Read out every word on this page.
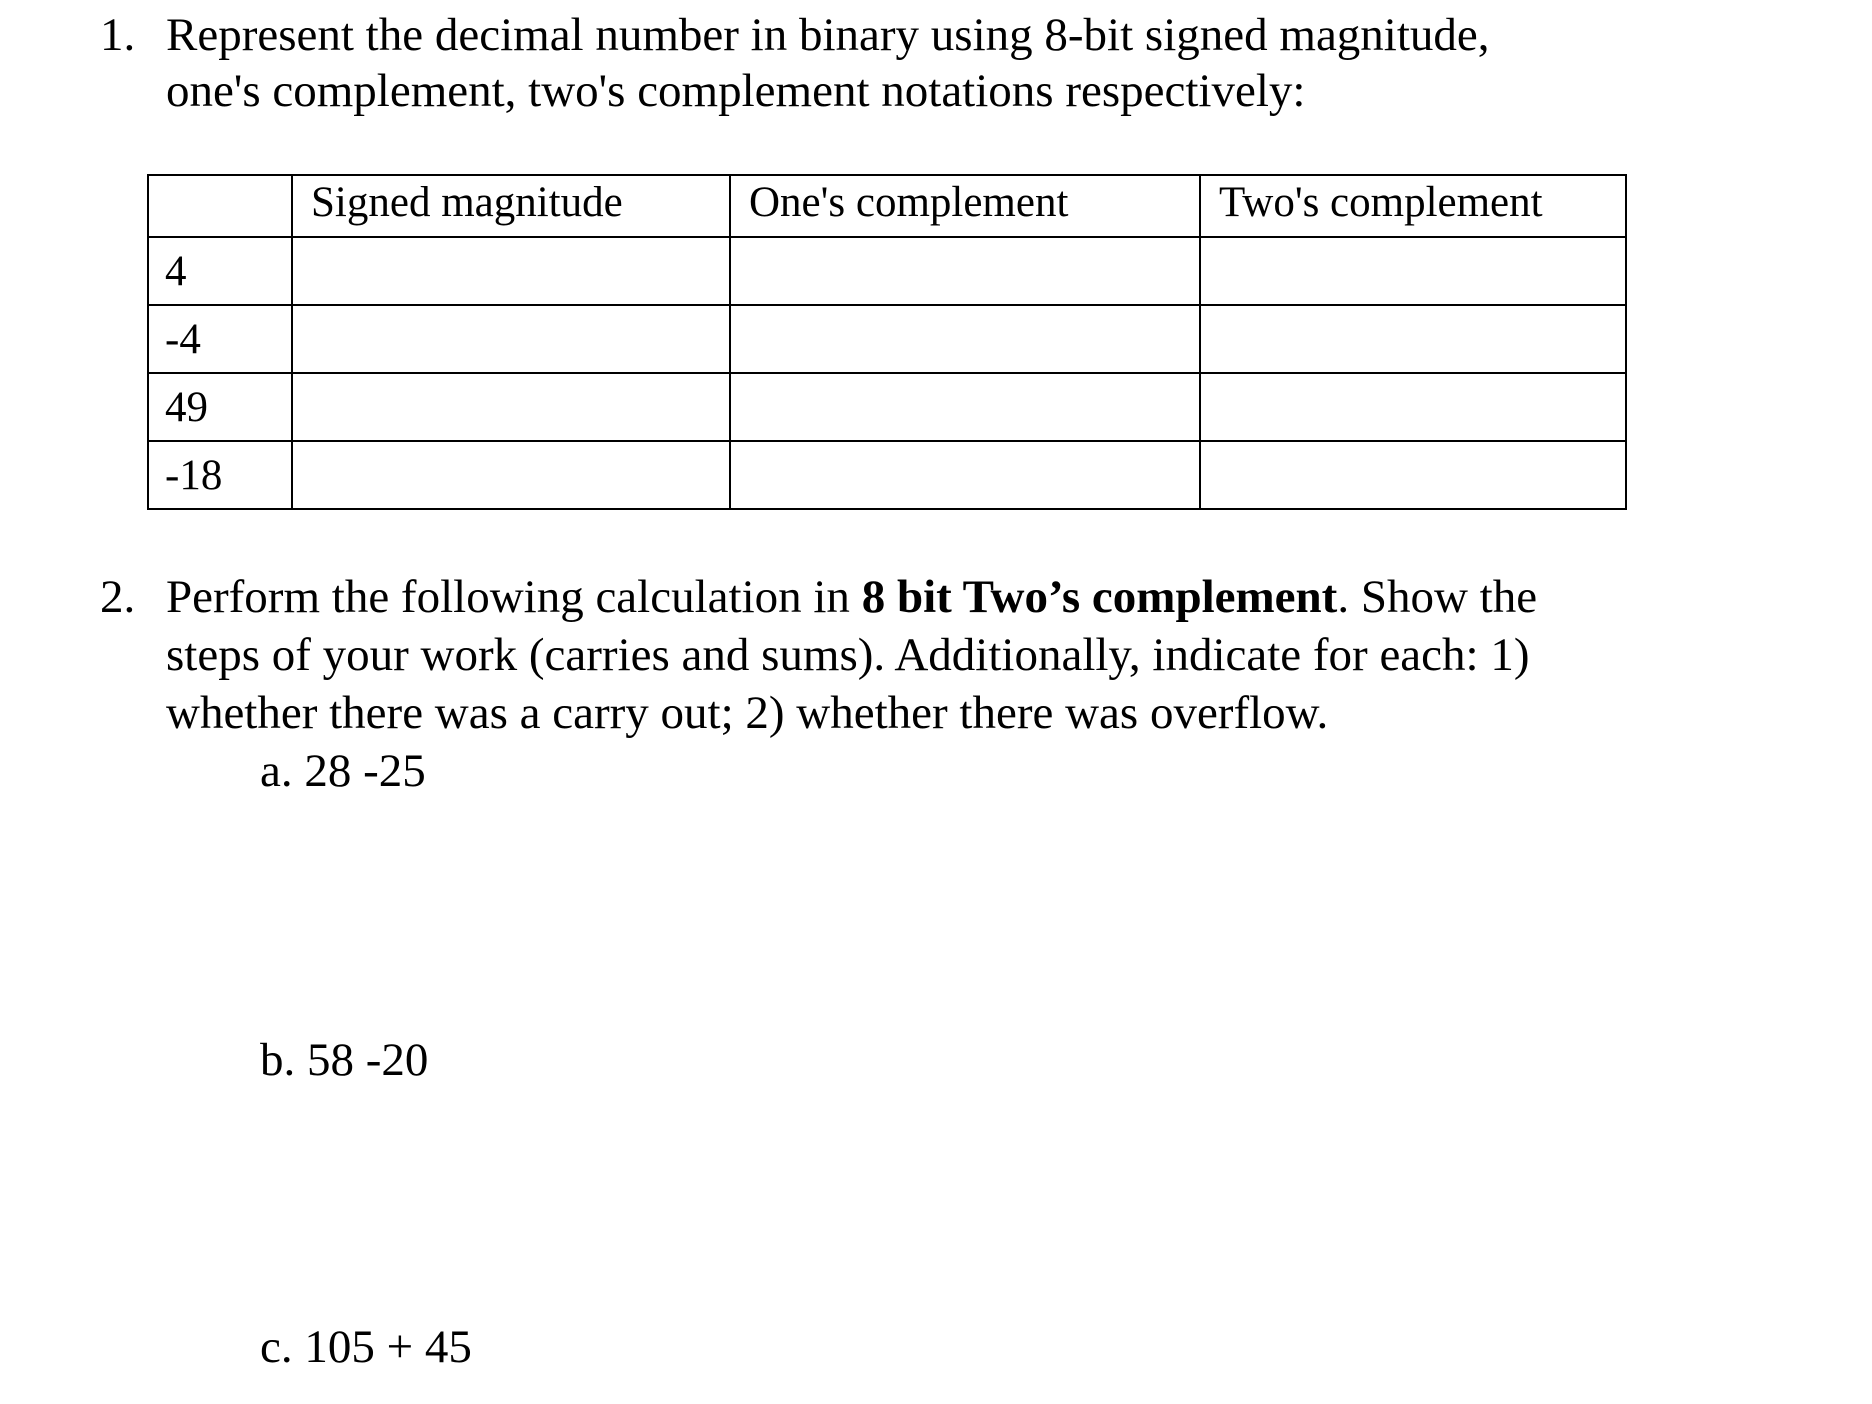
1. Represent the decimal number in binary using 8-bit signed magnitude,
one's complement, two's complement notations respectively:
	Signed magnitude	One's complement	Two's complement
4			
-4			
49			
-18			
2. Perform the following calculation in 8 bit Two’s complement. Show the
steps of your work (carries and sums). Additionally, indicate for each: 1)
whether there was a carry out; 2) whether there was overflow.
a. 28 -25
b. 58 -20
c. 105 + 45
